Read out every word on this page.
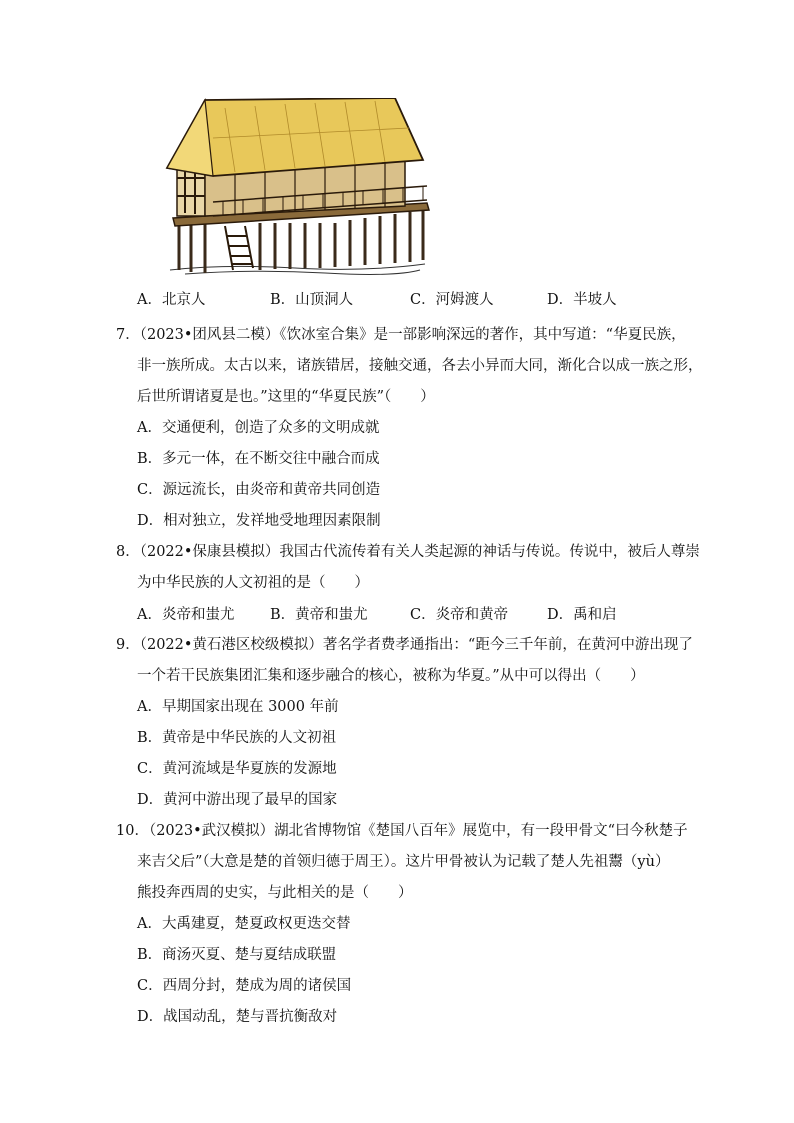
A．北京人	B．山顶洞人	C．河姆渡人	D．半坡人
7．（2023•团风县二模）《饮冰室合集》是一部影响深远的著作，其中写道：“华夏民族，
非一族所成。太古以来，诸族错居，接触交通，各去小异而大同，渐化合以成一族之形，
后世所谓诸夏是也。”这里的“华夏民族”（　　）
A．交通便利，创造了众多的文明成就
B．多元一体，在不断交往中融合而成
C．源远流长，由炎帝和黄帝共同创造
D．相对独立，发祥地受地理因素限制
8．（2022•保康县模拟）我国古代流传着有关人类起源的神话与传说。传说中，被后人尊崇
为中华民族的人文初祖的是（　　）
A．炎帝和蚩尤 B．黄帝和蚩尤	C．炎帝和黄帝	D．禹和启
9．（2022•黄石港区校级模拟）著名学者费孝通指出：“距今三千年前，在黄河中游出现了
一个若干民族集团汇集和逐步融合的核心，被称为华夏。”从中可以得出（　　）
A．早期国家出现在 3000 年前
B．黄帝是中华民族的人文初祖
C．黄河流域是华夏族的发源地
D．黄河中游出现了最早的国家
10．（2023•武汉模拟）湖北省博物馆《楚国八百年》展览中，有一段甲骨文“曰今秋楚子
来吉父后”（大意是楚的首领归德于周王）。这片甲骨被认为记载了楚人先祖鬻（yù）
熊投奔西周的史实，与此相关的是（　　）
A．大禹建夏，楚夏政权更迭交替
B．商汤灭夏、楚与夏结成联盟
C．西周分封，楚成为周的诸侯国
D．战国动乱，楚与晋抗衡敌对
